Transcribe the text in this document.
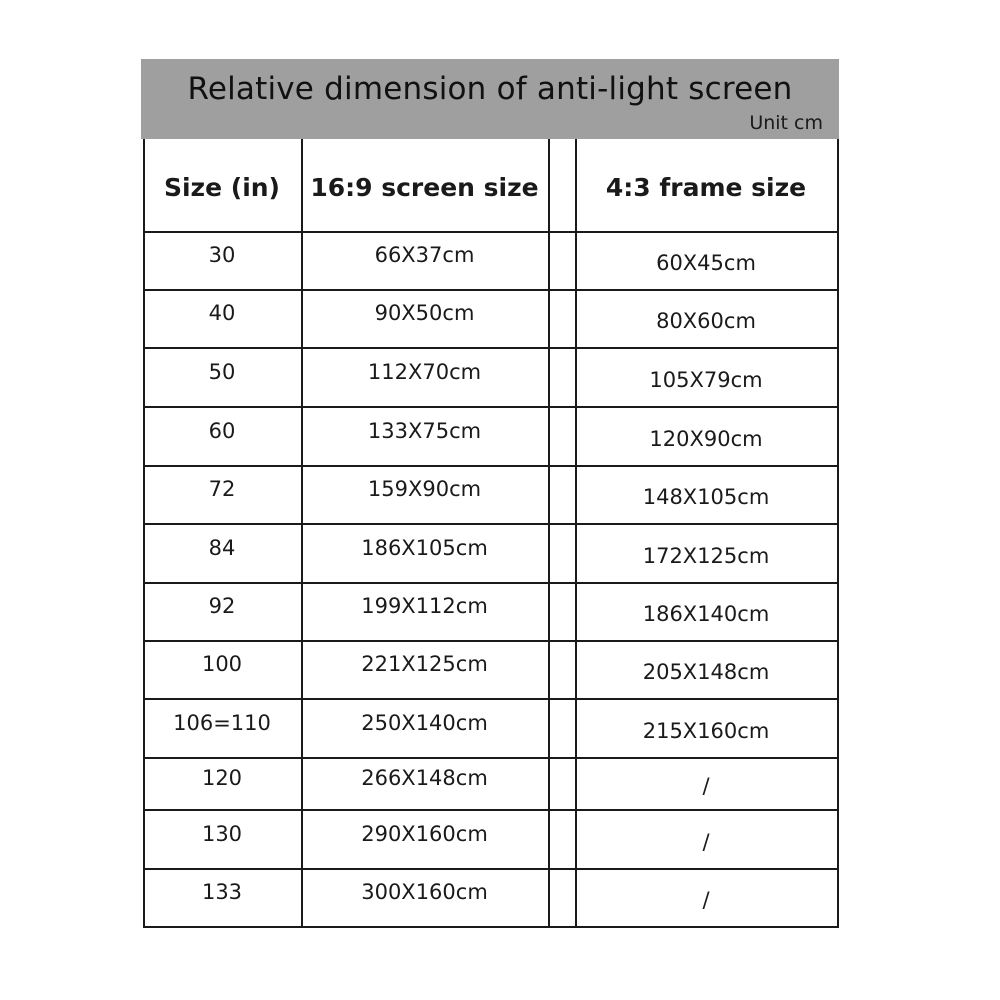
Relative dimension of anti-light screen
Unit cm
Size (in)	16:9 screen size	4:3 frame size
30	66X37cm	60X45cm
40	90X50cm	80X60cm
50	112X70cm	105X79cm
60	133X75cm	120X90cm
72	159X90cm	148X105cm
84	186X105cm	172X125cm
92	199X112cm	186X140cm
100	221X125cm	205X148cm
106=110	250X140cm	215X160cm
120	266X148cm	/
130	290X160cm	/
133	300X160cm	/
